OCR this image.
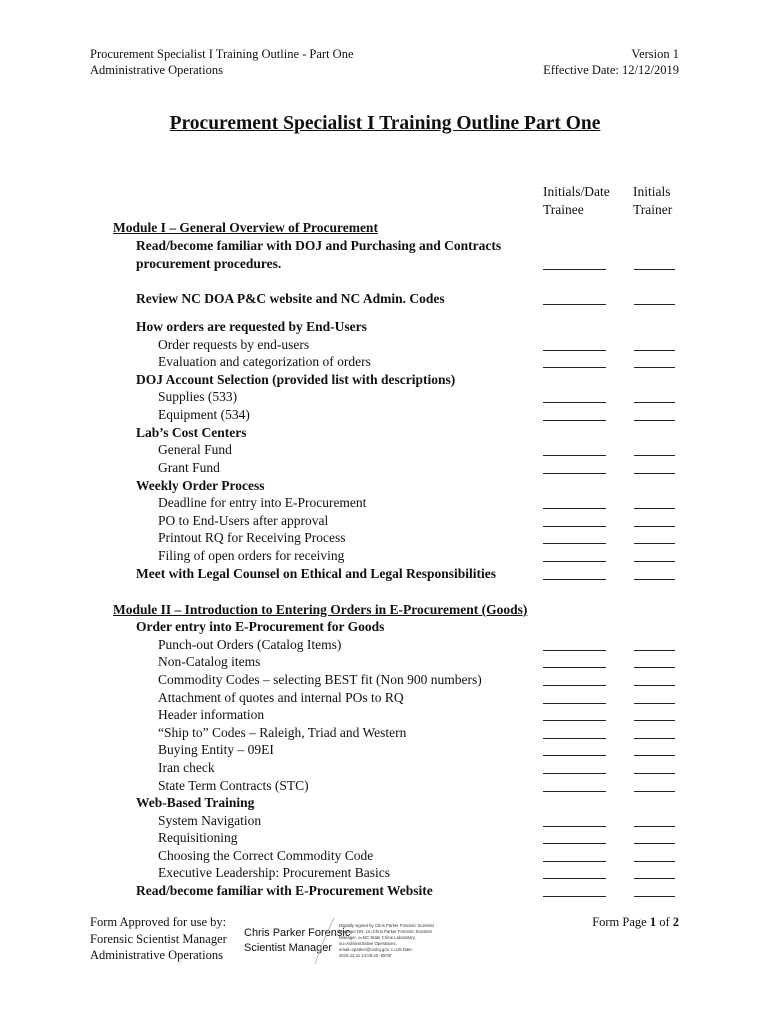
Procurement Specialist I Training Outline - Part One
Administrative Operations
Version 1
Effective Date: 12/12/2019
Procurement Specialist I Training Outline Part One
Initials/Date
Trainee
Initials
Trainer
Module I – General Overview of Procurement
Read/become familiar with DOJ and Purchasing and Contracts
procurement procedures.
Review NC DOA P&C website and NC Admin. Codes
How orders are requested by End-Users
Order requests by end-users
Evaluation and categorization of orders
DOJ Account Selection (provided list with descriptions)
Supplies (533)
Equipment (534)
Lab’s Cost Centers
General Fund
Grant Fund
Weekly Order Process
Deadline for entry into E-Procurement
PO to End-Users after approval
Printout RQ for Receiving Process
Filing of open orders for receiving
Meet with Legal Counsel on Ethical and Legal Responsibilities
Module II – Introduction to Entering Orders in E-Procurement (Goods)
Order entry into E-Procurement for Goods
Punch-out Orders (Catalog Items)
Non-Catalog items
Commodity Codes – selecting BEST fit (Non 900 numbers)
Attachment of quotes and internal POs to RQ
Header information
“Ship to” Codes – Raleigh, Triad and Western
Buying Entity – 09EI
Iran check
State Term Contracts (STC)
Web-Based Training
System Navigation
Requisitioning
Choosing the Correct Commodity Code
Executive Leadership: Procurement Basics
Read/become familiar with E-Procurement Website
Form Approved for use by:
Forensic Scientist Manager
Administrative Operations
Chris Parker Forensic
Scientist Manager
Digitally signed by Chris Parker Forensic Scientist Manager DN: cn=Chris Parker Forensic Scientist Manager, o=NC State Crime Laboratory, ou=Administrative Operations, email=cparker@ncdoj.gov, c=US Date: 2019.12.11 13:06:43 -05'00'
Form Page 1 of 2
